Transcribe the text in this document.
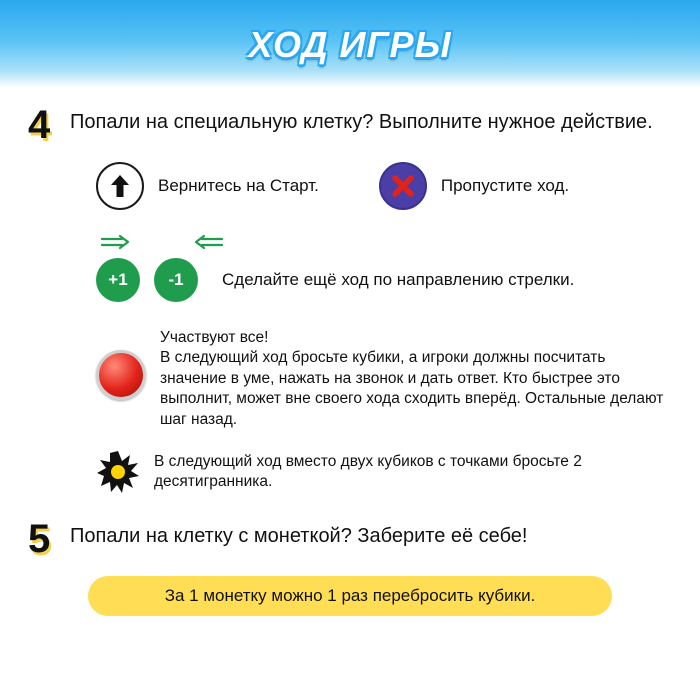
ХОД ИГРЫ
4 Попали на специальную клетку? Выполните нужное действие.
Вернитесь на Старт.	Пропустите ход.
+1	-1	Сделайте ещё ход по направлению стрелки.
Участвуют все!
В следующий ход бросьте кубики, а игроки должны посчитать значение в уме, нажать на звонок и дать ответ. Кто быстрее это выполнит, может вне своего хода сходить вперёд. Остальные делают шаг назад.
В следующий ход вместо двух кубиков с точками бросьте 2 десятигранника.
5 Попали на клетку с монеткой? Заберите её себе!
За 1 монетку можно 1 раз перебросить кубики.
